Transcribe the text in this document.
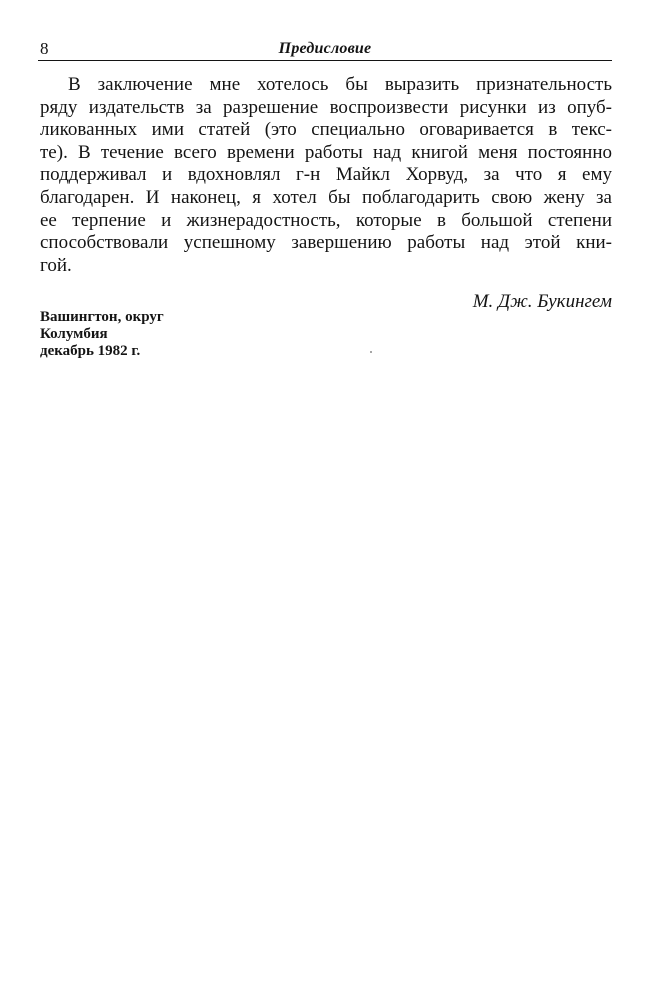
8	Предисловие
В заключение мне хотелось бы выразить признательность
ряду издательств за разрешение воспроизвести рисунки из опуб-
ликованных ими статей (это специально оговаривается в текс-
те). В течение всего времени работы над книгой меня постоянно
поддерживал и вдохновлял г-н Майкл Хорвуд, за что я ему
благодарен. И наконец, я хотел бы поблагодарить свою жену за
ее терпение и жизнерадостность, которые в большой степени
способствовали успешному завершению работы над этой кни-
гой.
М. Дж. Букингем
Вашингтон, округ
Колумбия
декабрь 1982 г.
